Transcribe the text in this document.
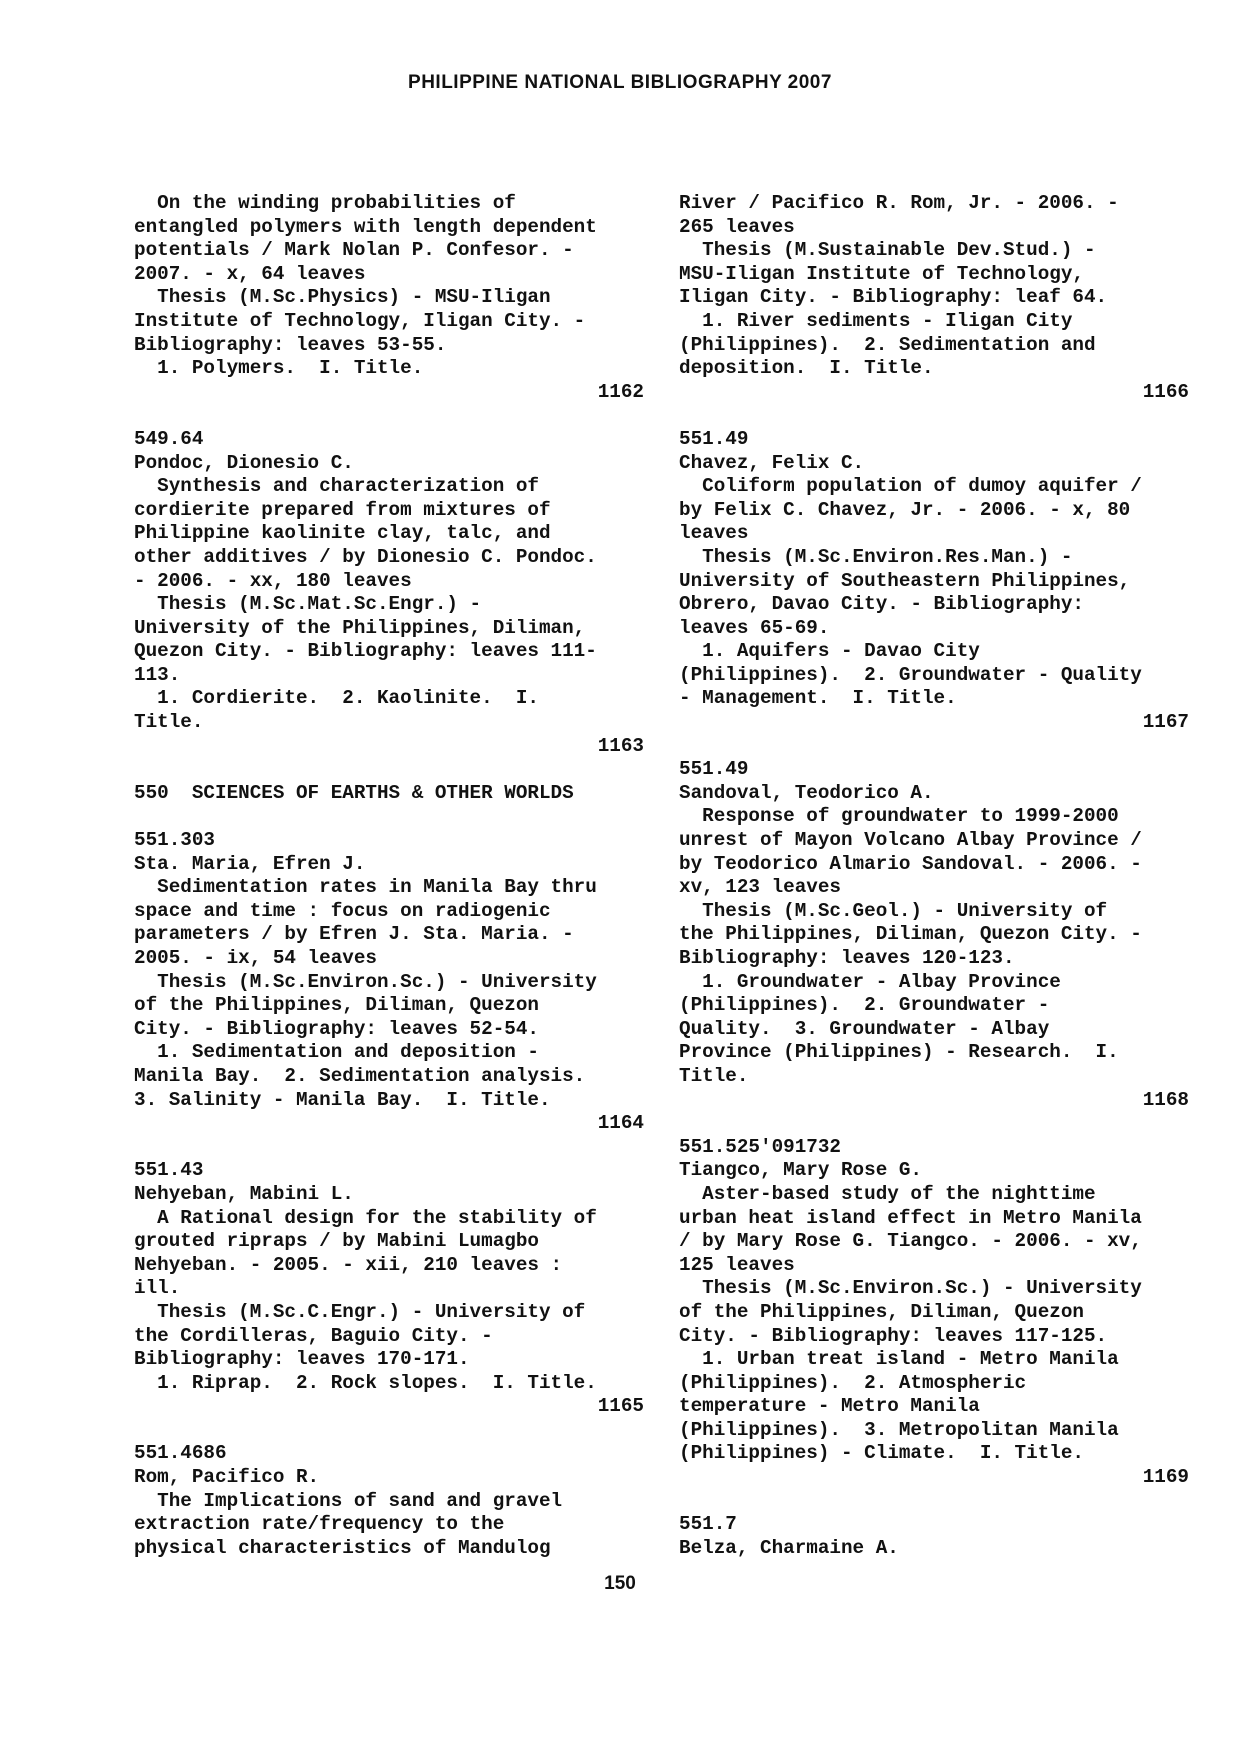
PHILIPPINE NATIONAL BIBLIOGRAPHY 2007
On the winding probabilities of
entangled polymers with length dependent
potentials / Mark Nolan P. Confesor. -
2007. - x, 64 leaves
Thesis (M.Sc.Physics) - MSU-Iligan
Institute of Technology, Iligan City. -
Bibliography: leaves 53-55.
1. Polymers.  I. Title.
1162
549.64
Pondoc, Dionesio C.
Synthesis and characterization of
cordierite prepared from mixtures of
Philippine kaolinite clay, talc, and
other additives / by Dionesio C. Pondoc.
- 2006. - xx, 180 leaves
Thesis (M.Sc.Mat.Sc.Engr.) -
University of the Philippines, Diliman,
Quezon City. - Bibliography: leaves 111-
113.
1. Cordierite.  2. Kaolinite.  I.
Title.
1163
550  SCIENCES OF EARTHS & OTHER WORLDS
551.303
Sta. Maria, Efren J.
Sedimentation rates in Manila Bay thru
space and time : focus on radiogenic
parameters / by Efren J. Sta. Maria. -
2005. - ix, 54 leaves
Thesis (M.Sc.Environ.Sc.) - University
of the Philippines, Diliman, Quezon
City. - Bibliography: leaves 52-54.
1. Sedimentation and deposition -
Manila Bay.  2. Sedimentation analysis.
3. Salinity - Manila Bay.  I. Title.
1164
551.43
Nehyeban, Mabini L.
A Rational design for the stability of
grouted ripraps / by Mabini Lumagbo
Nehyeban. - 2005. - xii, 210 leaves :
ill.
Thesis (M.Sc.C.Engr.) - University of
the Cordilleras, Baguio City. -
Bibliography: leaves 170-171.
1. Riprap.  2. Rock slopes.  I. Title.
1165
551.4686
Rom, Pacifico R.
The Implications of sand and gravel
extraction rate/frequency to the
physical characteristics of Mandulog
River / Pacifico R. Rom, Jr. - 2006. -
265 leaves
Thesis (M.Sustainable Dev.Stud.) -
MSU-Iligan Institute of Technology,
Iligan City. - Bibliography: leaf 64.
1. River sediments - Iligan City
(Philippines).  2. Sedimentation and
deposition.  I. Title.
1166
551.49
Chavez, Felix C.
Coliform population of dumoy aquifer /
by Felix C. Chavez, Jr. - 2006. - x, 80
leaves
Thesis (M.Sc.Environ.Res.Man.) -
University of Southeastern Philippines,
Obrero, Davao City. - Bibliography:
leaves 65-69.
1. Aquifers - Davao City
(Philippines).  2. Groundwater - Quality
- Management.  I. Title.
1167
551.49
Sandoval, Teodorico A.
Response of groundwater to 1999-2000
unrest of Mayon Volcano Albay Province /
by Teodorico Almario Sandoval. - 2006. -
xv, 123 leaves
Thesis (M.Sc.Geol.) - University of
the Philippines, Diliman, Quezon City. -
Bibliography: leaves 120-123.
1. Groundwater - Albay Province
(Philippines).  2. Groundwater -
Quality.  3. Groundwater - Albay
Province (Philippines) - Research.  I.
Title.
1168
551.525'091732
Tiangco, Mary Rose G.
Aster-based study of the nighttime
urban heat island effect in Metro Manila
/ by Mary Rose G. Tiangco. - 2006. - xv,
125 leaves
Thesis (M.Sc.Environ.Sc.) - University
of the Philippines, Diliman, Quezon
City. - Bibliography: leaves 117-125.
1. Urban treat island - Metro Manila
(Philippines).  2. Atmospheric
temperature - Metro Manila
(Philippines).  3. Metropolitan Manila
(Philippines) - Climate.  I. Title.
1169
551.7
Belza, Charmaine A.
150
